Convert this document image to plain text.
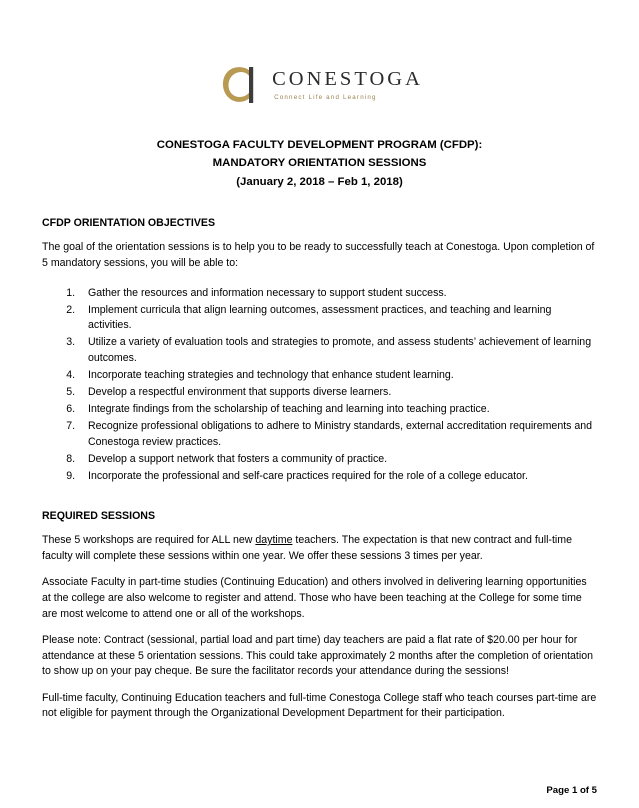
CONESTOGA
Connect Life and Learning
CONESTOGA FACULTY DEVELOPMENT PROGRAM (CFDP):
MANDATORY ORIENTATION SESSIONS
(January 2, 2018 – Feb 1, 2018)
CFDP ORIENTATION OBJECTIVES

The goal of the orientation sessions is to help you to be ready to successfully teach at Conestoga. Upon completion of 5 mandatory sessions, you will be able to:

1. Gather the resources and information necessary to support student success.
2. Implement curricula that align learning outcomes, assessment practices, and teaching and learning activities.
3. Utilize a variety of evaluation tools and strategies to promote, and assess students’ achievement of learning outcomes.
4. Incorporate teaching strategies and technology that enhance student learning.
5. Develop a respectful environment that supports diverse learners.
6. Integrate findings from the scholarship of teaching and learning into teaching practice.
7. Recognize professional obligations to adhere to Ministry standards, external accreditation requirements and Conestoga review practices.
8. Develop a support network that fosters a community of practice.
9. Incorporate the professional and self-care practices required for the role of a college educator.
REQUIRED SESSIONS

These 5 workshops are required for ALL new daytime teachers. The expectation is that new contract and full-time faculty will complete these sessions within one year. We offer these sessions 3 times per year.

Associate Faculty in part-time studies (Continuing Education) and others involved in delivering learning opportunities at the college are also welcome to register and attend. Those who have been teaching at the College for some time are most welcome to attend one or all of the workshops.

Please note: Contract (sessional, partial load and part time) day teachers are paid a flat rate of $20.00 per hour for attendance at these 5 orientation sessions. This could take approximately 2 months after the completion of orientation to show up on your pay cheque. Be sure the facilitator records your attendance during the sessions!

Full-time faculty, Continuing Education teachers and full-time Conestoga College staff who teach courses part-time are not eligible for payment through the Organizational Development Department for their participation.

Page 1 of 5
